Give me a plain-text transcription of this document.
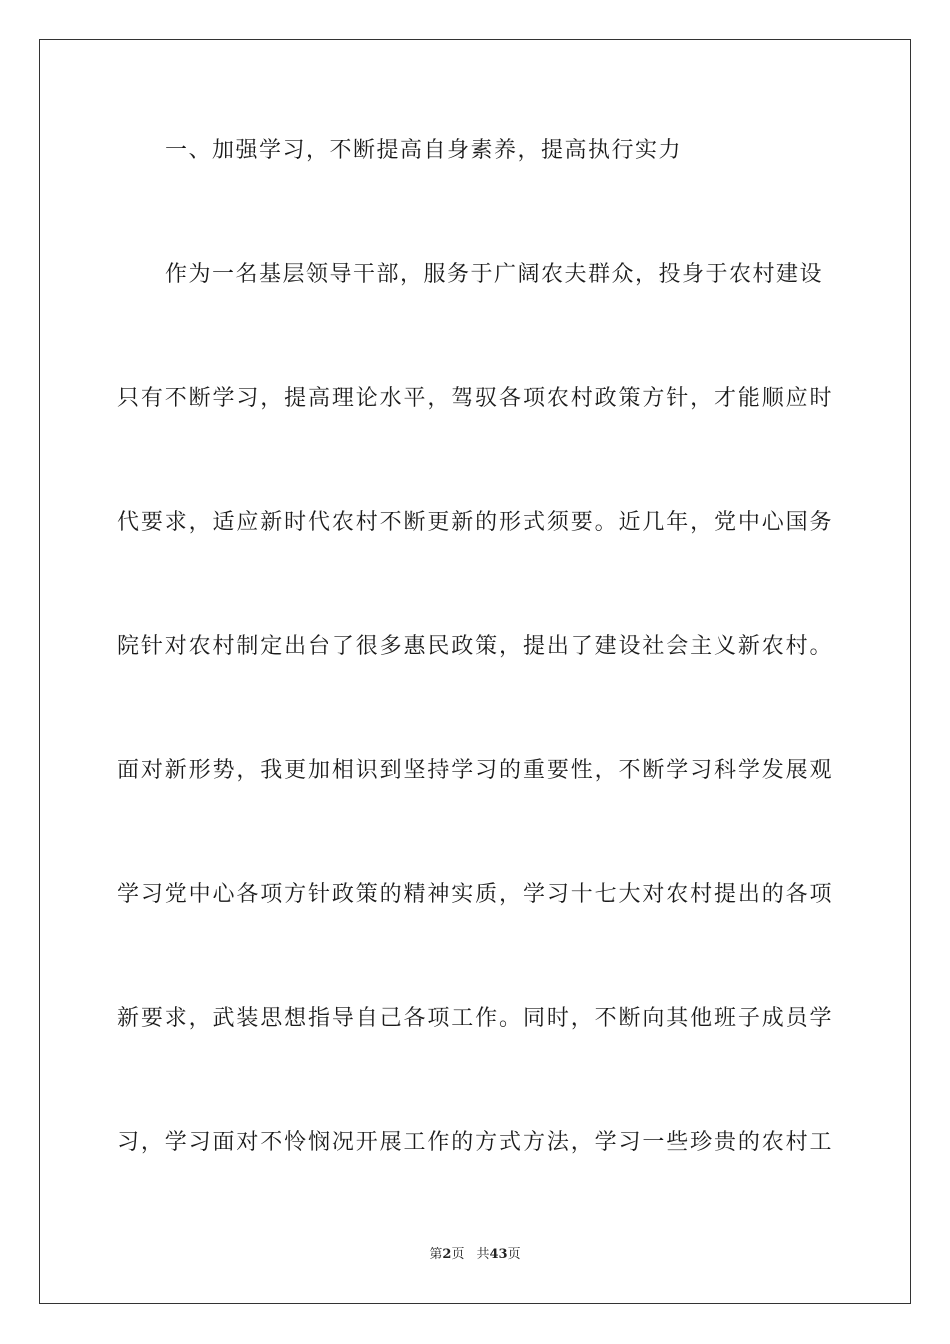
一、加强学习，不断提高自身素养，提高执行实力
作为一名基层领导干部，服务于广阔农夫群众，投身于农村建设
只有不断学习，提高理论水平，驾驭各项农村政策方针，才能顺应时
代要求，适应新时代农村不断更新的形式须要。近几年，党中心国务
院针对农村制定出台了很多惠民政策，提出了建设社会主义新农村。
面对新形势，我更加相识到坚持学习的重要性，不断学习科学发展观
学习党中心各项方针政策的精神实质，学习十七大对农村提出的各项
新要求，武装思想指导自己各项工作。同时，不断向其他班子成员学
习，学习面对不怜悯况开展工作的方式方法，学习一些珍贵的农村工
第2页 共43页
